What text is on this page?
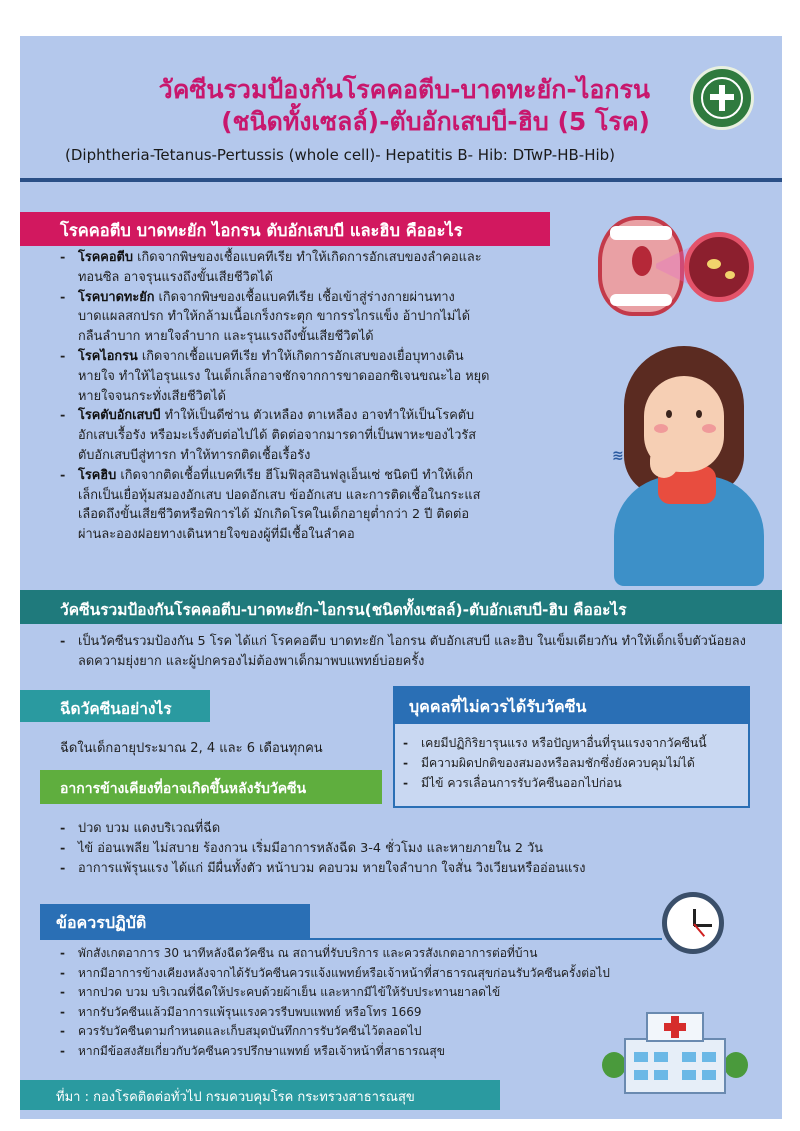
วัคซีนรวมป้องกันโรคคอตีบ-บาดทะยัก-ไอกรน
(ชนิดทั้งเซลล์)-ตับอักเสบบี-ฮิบ (5 โรค)
(Diphtheria-Tetanus-Pertussis (whole cell)- Hepatitis B- Hib: DTwP-HB-Hib)
โรคคอตีบ บาดทะยัก ไอกรน ตับอักเสบบี และฮิบ คืออะไร
- โรคคอตีบ เกิดจากพิษของเชื้อแบคทีเรีย ทำให้เกิดการอักเสบของลำคอและทอนซิล อาจรุนแรงถึงขั้นเสียชีวิตได้
- โรคบาดทะยัก เกิดจากพิษของเชื้อแบคทีเรีย เชื้อเข้าสู่ร่างกายผ่านทางบาดแผลสกปรก ทำให้กล้ามเนื้อเกร็งกระตุก ขากรรไกรแข็ง อ้าปากไม่ได้ กลืนลำบาก หายใจลำบาก และรุนแรงถึงขั้นเสียชีวิตได้
- โรคไอกรน เกิดจากเชื้อแบคทีเรีย ทำให้เกิดการอักเสบของเยื่อบุทางเดินหายใจ ทำให้ไอรุนแรง ในเด็กเล็กอาจชักจากการขาดออกซิเจนขณะไอ หยุดหายใจจนกระทั่งเสียชีวิตได้
- โรคตับอักเสบบี ทำให้เป็นดีซ่าน ตัวเหลือง ตาเหลือง อาจทำให้เป็นโรคตับอักเสบเรื้อรัง หรือมะเร็งตับต่อไปได้ ติดต่อจากมารดาที่เป็นพาหะของไวรัสตับอักเสบบีสู่ทารก ทำให้ทารกติดเชื้อเรื้อรัง
- โรคฮิบ เกิดจากติดเชื้อที่แบคทีเรีย ฮีโมฟิลุสอินฟลูเอ็นเซ่ ชนิดบี ทำให้เด็กเล็กเป็นเยื่อหุ้มสมองอักเสบ ปอดอักเสบ ข้ออักเสบ และการติดเชื้อในกระแสเลือดถึงขั้นเสียชีวิตหรือพิการได้ มักเกิดโรคในเด็กอายุต่ำกว่า 2 ปี ติดต่อผ่านละอองฝอยทางเดินหายใจของผู้ที่มีเชื้อในลำคอ
≋
วัคซีนรวมป้องกันโรคคอตีบ-บาดทะยัก-ไอกรน(ชนิดทั้งเซลล์)-ตับอักเสบบี-ฮิบ คืออะไร
- เป็นวัคซีนรวมป้องกัน 5 โรค ได้แก่ โรคคอตีบ บาดทะยัก ไอกรน ตับอักเสบบี และฮิบ ในเข็มเดียวกัน ทำให้เด็กเจ็บตัวน้อยลง ลดความยุ่งยาก และผู้ปกครองไม่ต้องพาเด็กมาพบแพทย์บ่อยครั้ง
ฉีดวัคซีนอย่างไร
ฉีดในเด็กอายุประมาณ 2, 4 และ 6 เดือนทุกคน
บุคคลที่ไม่ควรได้รับวัคซีน
- เคยมีปฏิกิริยารุนแรง หรือปัญหาอื่นที่รุนแรงจากวัคซีนนี้
- มีความผิดปกติของสมองหรือลมชักซึ่งยังควบคุมไม่ได้
- มีไข้ ควรเลื่อนการรับวัคซีนออกไปก่อน
อาการข้างเคียงที่อาจเกิดขึ้นหลังรับวัคซีน
- ปวด บวม แดงบริเวณที่ฉีด
- ไข้ อ่อนเพลีย ไม่สบาย ร้องกวน เริ่มมีอาการหลังฉีด 3-4 ชั่วโมง และหายภายใน 2 วัน
- อาการแพ้รุนแรง ได้แก่ มีผื่นทั้งตัว หน้าบวม คอบวม หายใจลำบาก ใจสั่น วิงเวียนหรืออ่อนแรง
ข้อควรปฏิบัติ
- พักสังเกตอาการ 30 นาทีหลังฉีดวัคซีน ณ สถานที่รับบริการ และควรสังเกตอาการต่อที่บ้าน
- หากมีอาการข้างเคียงหลังจากได้รับวัคซีนควรแจ้งแพทย์หรือเจ้าหน้าที่สาธารณสุขก่อนรับวัคซีนครั้งต่อไป
- หากปวด บวม บริเวณที่ฉีดให้ประคบด้วยผ้าเย็น และหากมีไข้ให้รับประทานยาลดไข้
- หากรับวัคซีนแล้วมีอาการแพ้รุนแรงควรรีบพบแพทย์ หรือโทร 1669
- ควรรับวัคซีนตามกำหนดและเก็บสมุดบันทึกการรับวัคซีนไว้ตลอดไป
- หากมีข้อสงสัยเกี่ยวกับวัคซีนควรปรึกษาแพทย์ หรือเจ้าหน้าที่สาธารณสุข
ที่มา : กองโรคติดต่อทั่วไป กรมควบคุมโรค กระทรวงสาธารณสุข
